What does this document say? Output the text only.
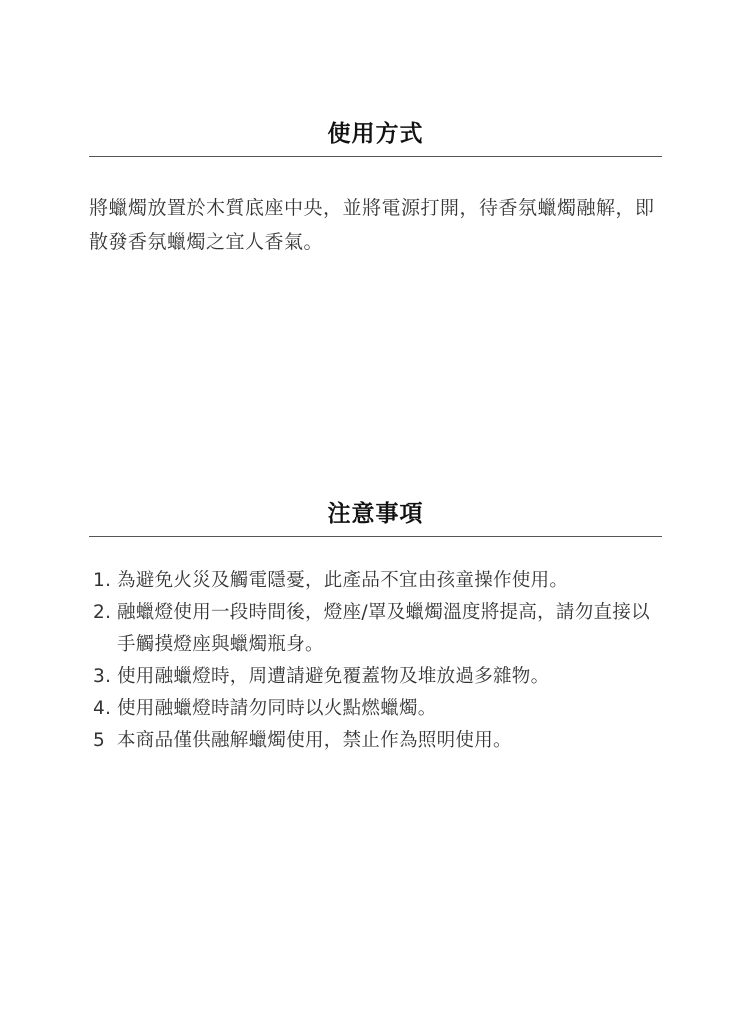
使用方式

將蠟燭放置於木質底座中央，並將電源打開，待香氛蠟燭融解，即散發香氛蠟燭之宜人香氣。

注意事項
1. 為避免火災及觸電隱憂，此產品不宜由孩童操作使用。
2. 融蠟燈使用一段時間後，燈座/罩及蠟燭溫度將提高，請勿直接以手觸摸燈座與蠟燭瓶身。
3. 使用融蠟燈時，周遭請避免覆蓋物及堆放過多雜物。
4. 使用融蠟燈時請勿同時以火點燃蠟燭。
5 本商品僅供融解蠟燭使用，禁止作為照明使用。
